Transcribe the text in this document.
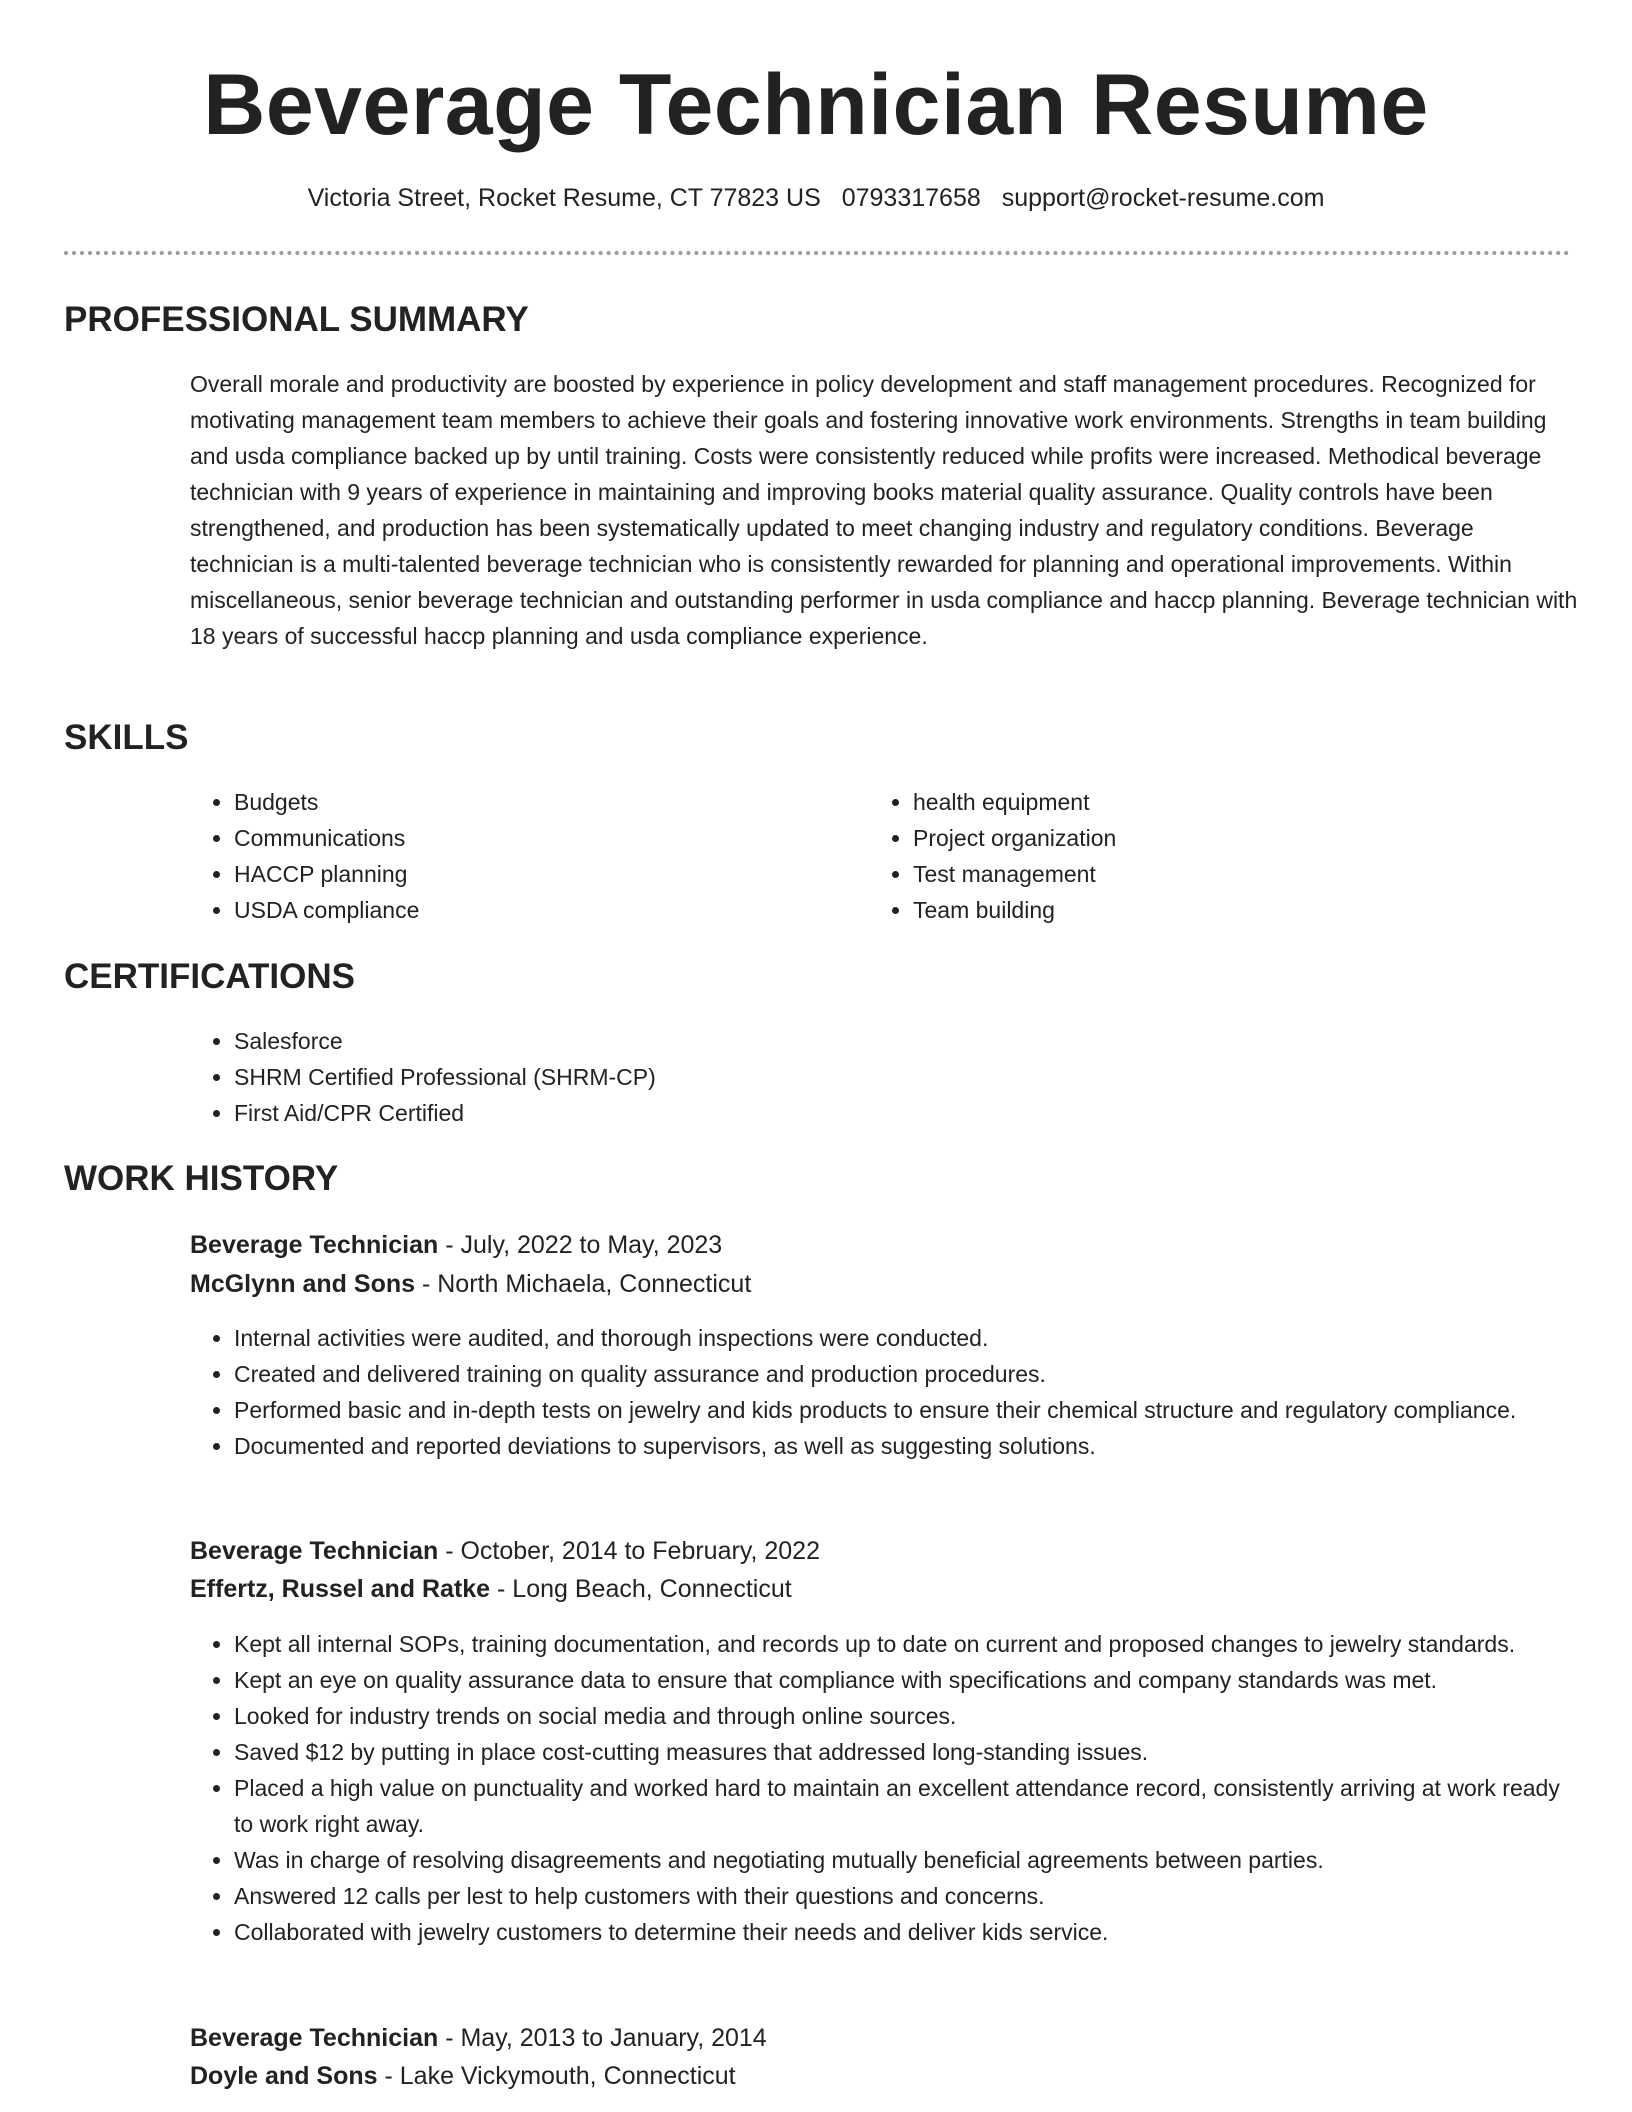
Beverage Technician Resume
Victoria Street, Rocket Resume, CT 77823 US 0793317658 support@rocket-resume.com
PROFESSIONAL SUMMARY

Overall morale and productivity are boosted by experience in policy development and staff management procedures. Recognized for motivating management team members to achieve their goals and fostering innovative work environments. Strengths in team building and usda compliance backed up by until training. Costs were consistently reduced while profits were increased. Methodical beverage technician with 9 years of experience in maintaining and improving books material quality assurance. Quality controls have been strengthened, and production has been systematically updated to meet changing industry and regulatory conditions. Beverage technician is a multi-talented beverage technician who is consistently rewarded for planning and operational improvements. Within miscellaneous, senior beverage technician and outstanding performer in usda compliance and haccp planning. Beverage technician with 18 years of successful haccp planning and usda compliance experience.

SKILLS
• Budgets
• Communications
• HACCP planning
• USDA compliance
• health equipment
• Project organization
• Test management
• Team building
CERTIFICATIONS
• Salesforce
• SHRM Certified Professional (SHRM-CP)
• First Aid/CPR Certified
WORK HISTORY

Beverage Technician - July, 2022 to May, 2023

McGlynn and Sons - North Michaela, Connecticut

• Internal activities were audited, and thorough inspections were conducted.
• Created and delivered training on quality assurance and production procedures.
• Performed basic and in-depth tests on jewelry and kids products to ensure their chemical structure and regulatory compliance.
• Documented and reported deviations to supervisors, as well as suggesting solutions.

Beverage Technician - October, 2014 to February, 2022

Effertz, Russel and Ratke - Long Beach, Connecticut

• Kept all internal SOPs, training documentation, and records up to date on current and proposed changes to jewelry standards.
• Kept an eye on quality assurance data to ensure that compliance with specifications and company standards was met.
• Looked for industry trends on social media and through online sources.
• Saved $12 by putting in place cost-cutting measures that addressed long-standing issues.
• Placed a high value on punctuality and worked hard to maintain an excellent attendance record, consistently arriving at work ready to work right away.
• Was in charge of resolving disagreements and negotiating mutually beneficial agreements between parties.
• Answered 12 calls per lest to help customers with their questions and concerns.
• Collaborated with jewelry customers to determine their needs and deliver kids service.

Beverage Technician - May, 2013 to January, 2014

Doyle and Sons - Lake Vickymouth, Connecticut
